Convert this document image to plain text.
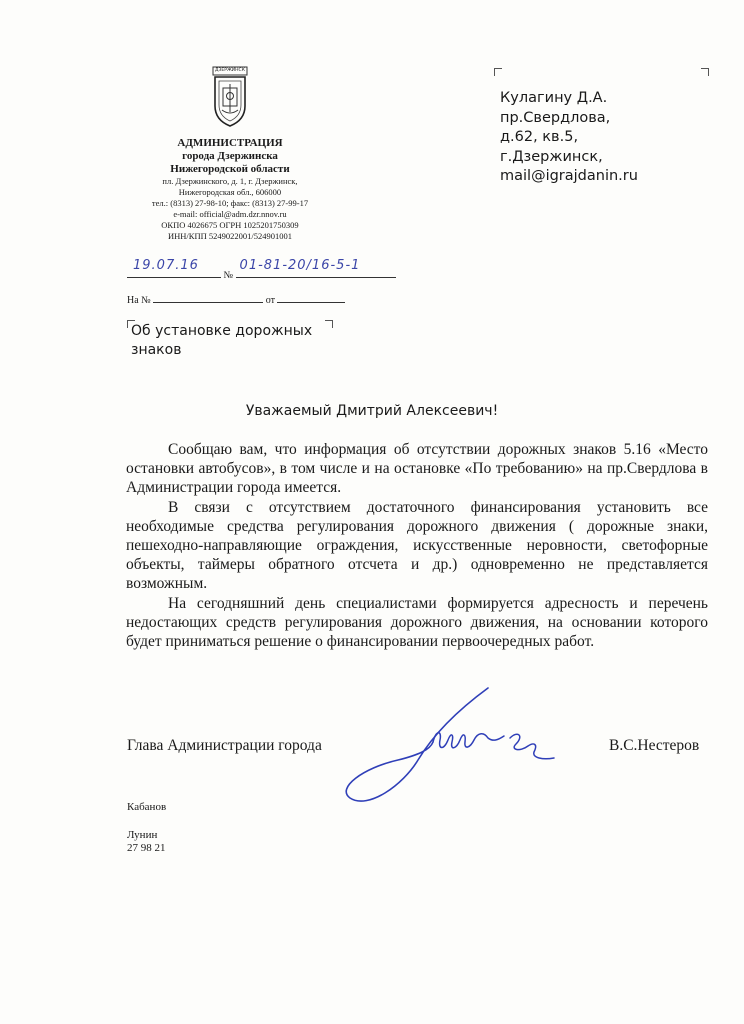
ДЗЕРЖИНСК
АДМИНИСТРАЦИЯ
города Дзержинска
Нижегородской области
пл. Дзержинского, д. 1, г. Дзержинск,
Нижегородская обл., 606000
тел.: (8313) 27-98-10; факс: (8313) 27-99-17
e-mail: official@adm.dzr.nnov.ru
ОКПО 4026675 ОГРН 1025201750309
ИНН/КПП 5249022001/524901001
19.07.16
№
01-81-20/16-5-1
На №	от
Кулагину Д.А.
пр.Свердлова,
д.62, кв.5,
г.Дзержинск,
mail@igrajdanin.ru
Об установке дорожных
знаков
Уважаемый Дмитрий Алексеевич!

Сообщаю вам, что информация об отсутствии дорожных знаков 5.16 «Место остановки автобусов», в том числе и на остановке «По требованию» на пр.Свердлова в Администрации города имеется.

В связи с отсутствием достаточного финансирования установить все необходимые средства регулирования дорожного движения ( дорожные знаки, пешеходно-направляющие ограждения, искусственные неровности, светофорные объекты, таймеры обратного отсчета и др.) одновременно не представляется возможным.

На сегодняшний день специалистами формируется адресность и перечень недостающих средств регулирования дорожного движения, на основании которого будет приниматься решение о финансировании первоочередных работ.

Глава Администрации города	В.С.Нестеров
Кабанов
Лунин
27 98 21
